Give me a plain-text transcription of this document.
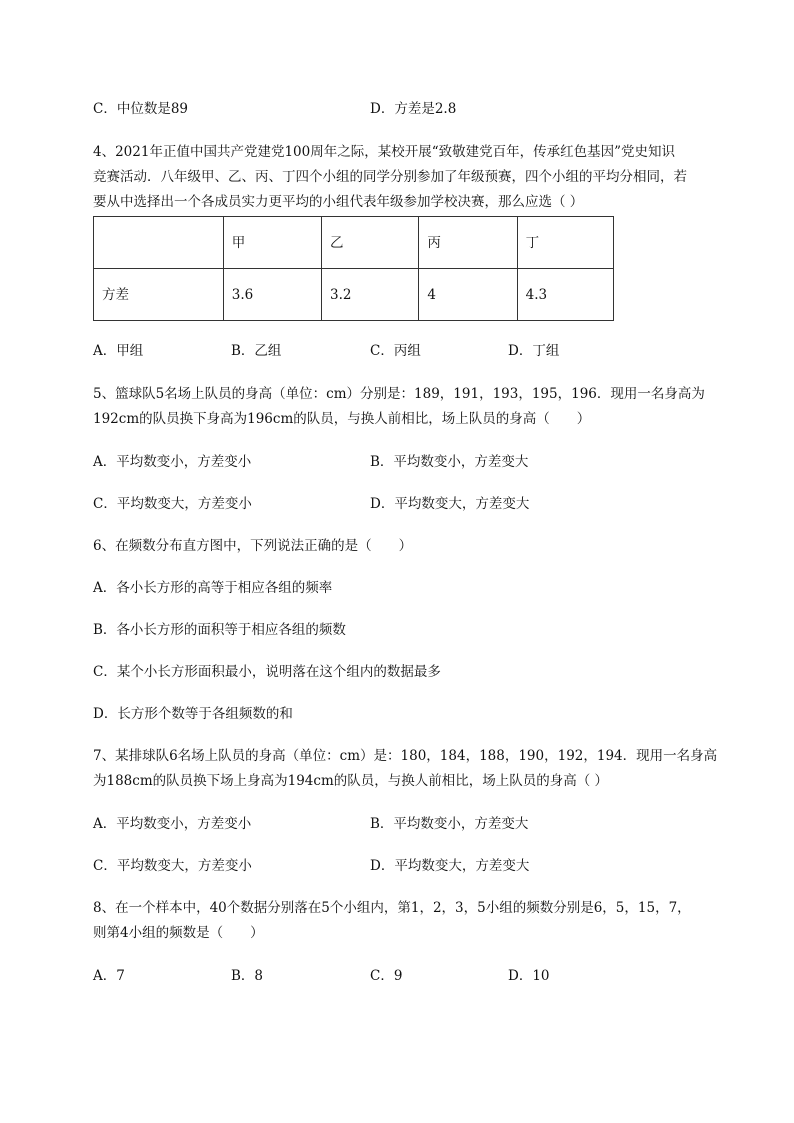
C．中位数是89	D．方差是2.8
4、2021年正值中国共产党建党100周年之际，某校开展“致敬建党百年，传承红色基因”党史知识
竞赛活动．八年级甲、乙、丙、丁四个小组的同学分别参加了年级预赛，四个小组的平均分相同，若
要从中选择出一个各成员实力更平均的小组代表年级参加学校决赛，那么应选（ ）
	甲	乙	丙	丁
方差	3.6	3.2	4	4.3
A．甲组	B．乙组	C．丙组	D．丁组
5、篮球队5名场上队员的身高（单位：cm）分别是：189，191，193，195，196．现用一名身高为
192cm的队员换下身高为196cm的队员，与换人前相比，场上队员的身高（　　）
A．平均数变小，方差变小	B．平均数变小，方差变大
C．平均数变大，方差变小	D．平均数变大，方差变大
6、在频数分布直方图中，下列说法正确的是（　　）
A．各小长方形的高等于相应各组的频率
B．各小长方形的面积等于相应各组的频数
C．某个小长方形面积最小，说明落在这个组内的数据最多
D．长方形个数等于各组频数的和
7、某排球队6名场上队员的身高（单位：cm）是：180，184，188，190，192，194．现用一名身高
为188cm的队员换下场上身高为194cm的队员，与换人前相比，场上队员的身高（ ）
A．平均数变小，方差变小	B．平均数变小，方差变大
C．平均数变大，方差变小	D．平均数变大，方差变大
8、在一个样本中，40个数据分别落在5个小组内，第1，2，3，5小组的频数分别是6，5，15，7，
则第4小组的频数是（　　）
A．7	B．8	C．9	D．10
